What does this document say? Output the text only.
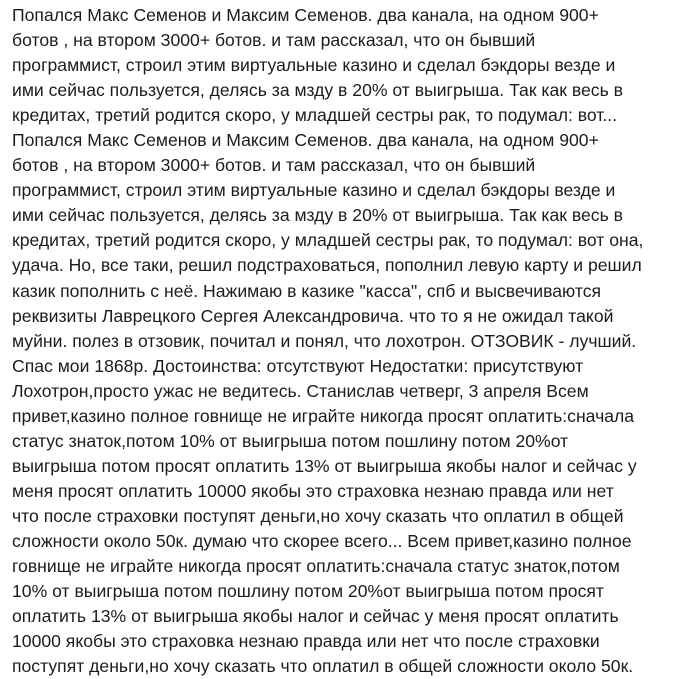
Попался Макс Семенов и Максим Семенов. два канала, на одном 900+
ботов , на втором 3000+ ботов. и там рассказал, что он бывший
программист, строил этим виртуальные казино и сделал бэкдоры везде и
ими сейчас пользуется, делясь за мзду в 20% от выигрыша. Так как весь в
кредитах, третий родится скоро, у младшей сестры рак, то подумал: вот...
Попался Макс Семенов и Максим Семенов. два канала, на одном 900+
ботов , на втором 3000+ ботов. и там рассказал, что он бывший
программист, строил этим виртуальные казино и сделал бэкдоры везде и
ими сейчас пользуется, делясь за мзду в 20% от выигрыша. Так как весь в
кредитах, третий родится скоро, у младшей сестры рак, то подумал: вот она,
удача. Но, все таки, решил подстраховаться, пополнил левую карту и решил
казик пополнить с неё. Нажимаю в казике "касса", спб и высвечиваются
реквизиты Лаврецкого Сергея Александровича. что то я не ожидал такой
муйни. полез в отзовик, почитал и понял, что лохотрон. ОТЗОВИК - лучший.
Спас мои 1868р. Достоинства: отсутствуют Недостатки: присутствуют
Лохотрон,просто ужас не ведитесь. Станислав четверг, 3 апреля Всем
привет,казино полное говнище не играйте никогда просят оплатить:сначала
статус знаток,потом 10% от выигрыша потом пошлину потом 20%от
выигрыша потом просят оплатить 13% от выигрыша якобы налог и сейчас у
меня просят оплатить 10000 якобы это страховка незнаю правда или нет
что после страховки поступят деньги,но хочу сказать что оплатил в общей
сложности около 50к. думаю что скорее всего... Всем привет,казино полное
говнище не играйте никогда просят оплатить:сначала статус знаток,потом
10% от выигрыша потом пошлину потом 20%от выигрыша потом просят
оплатить 13% от выигрыша якобы налог и сейчас у меня просят оплатить
10000 якобы это страховка незнаю правда или нет что после страховки
поступят деньги,но хочу сказать что оплатил в общей сложности около 50к.
